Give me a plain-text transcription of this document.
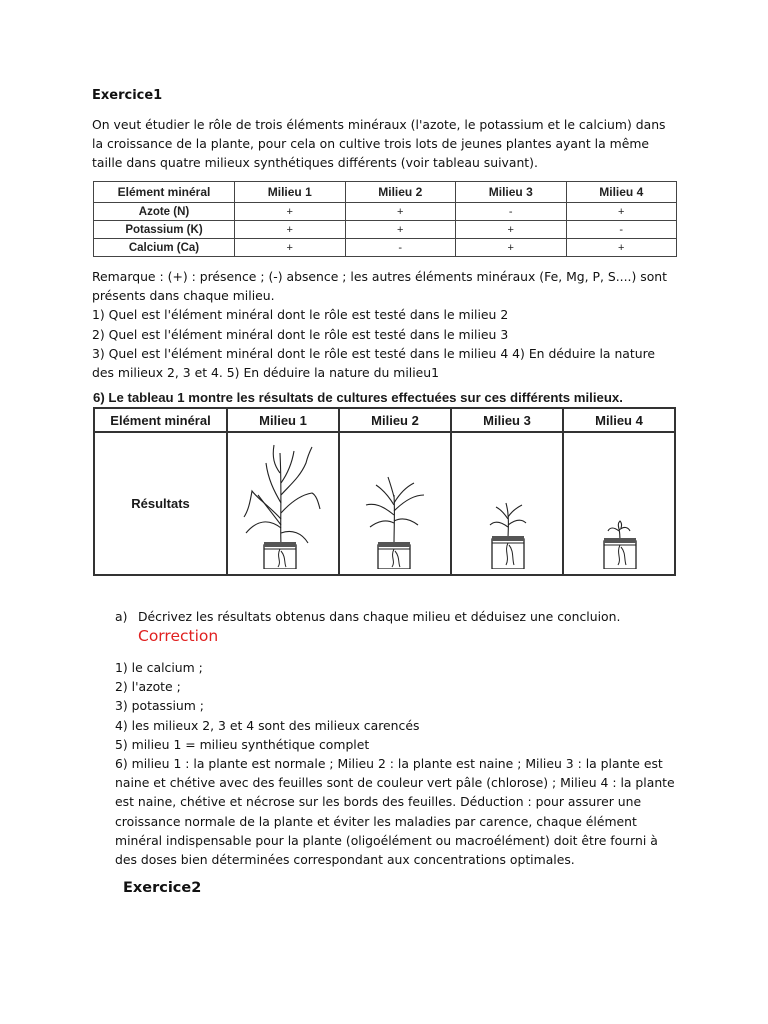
Exercice1
On veut étudier le rôle de trois éléments minéraux (l'azote, le potassium et le calcium) dans
la croissance de la plante, pour cela on cultive trois lots de jeunes plantes ayant la même
taille dans quatre milieux synthétiques différents (voir tableau suivant).
Elément minéral	Milieu 1	Milieu 2	Milieu 3	Milieu 4
Azote (N)	+	+	-	+
Potassium (K)	+	+	+	-
Calcium (Ca)	+	-	+	+
Remarque : (+) : présence ; (-) absence ; les autres éléments minéraux (Fe, Mg, P, S....) sont
présents dans chaque milieu.
1) Quel est l'élément minéral dont le rôle est testé dans le milieu 2
2) Quel est l'élément minéral dont le rôle est testé dans le milieu 3
3) Quel est l'élément minéral dont le rôle est testé dans le milieu 4 4) En déduire la nature
des milieux 2, 3 et 4. 5) En déduire la nature du milieu1
6) Le tableau 1 montre les résultats de cultures effectuées sur ces différents milieux.
Elément minéral	Milieu 1	Milieu 2	Milieu 3	Milieu 4
Résultats				
a) Décrivez les résultats obtenus dans chaque milieu et déduisez une concluion.
Correction
1) le calcium ;
2) l'azote ;
3) potassium ;
4) les milieux 2, 3 et 4 sont des milieux carencés
5) milieu 1 = milieu synthétique complet
6) milieu 1 : la plante est normale ; Milieu 2 : la plante est naine ; Milieu 3 : la plante est
naine et chétive avec des feuilles sont de couleur vert pâle (chlorose) ; Milieu 4 : la plante
est naine, chétive et nécrose sur les bords des feuilles. Déduction : pour assurer une
croissance normale de la plante et éviter les maladies par carence, chaque élément
minéral indispensable pour la plante (oligoélément ou macroélément) doit être fourni à
des doses bien déterminées correspondant aux concentrations optimales.
Exercice2
